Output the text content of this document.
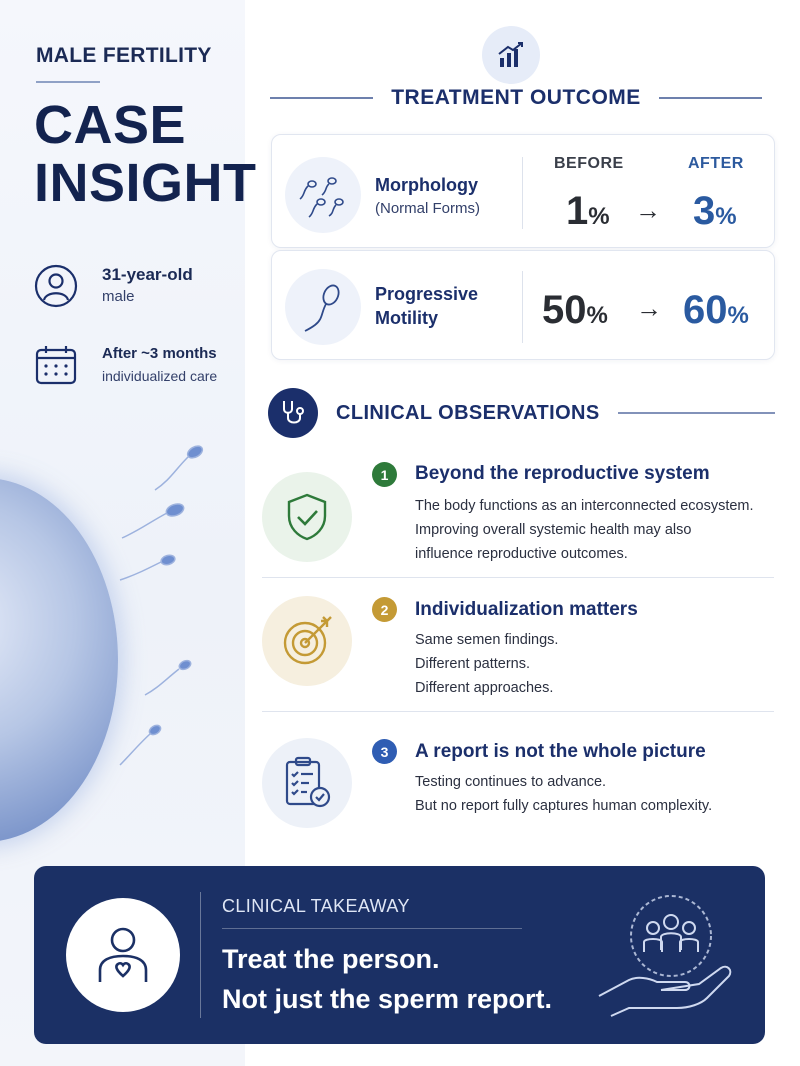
MALE FERTILITY
CASE
INSIGHT
31-year-old
male
After ~3 months
individualized care
TREATMENT OUTCOME
Morphology
(Normal Forms)
BEFORE	AFTER
1% → 3%
Progressive
Motility	50% → 60%
CLINICAL OBSERVATIONS
1	Beyond the reproductive system
The body functions as an interconnected ecosystem.
Improving overall systemic health may also
influence reproductive outcomes.
2	Individualization matters
Same semen findings.
Different patterns.
Different approaches.
3	A report is not the whole picture
Testing continues to advance.
But no report fully captures human complexity.
CLINICAL TAKEAWAY
Treat the person.
Not just the sperm report.
